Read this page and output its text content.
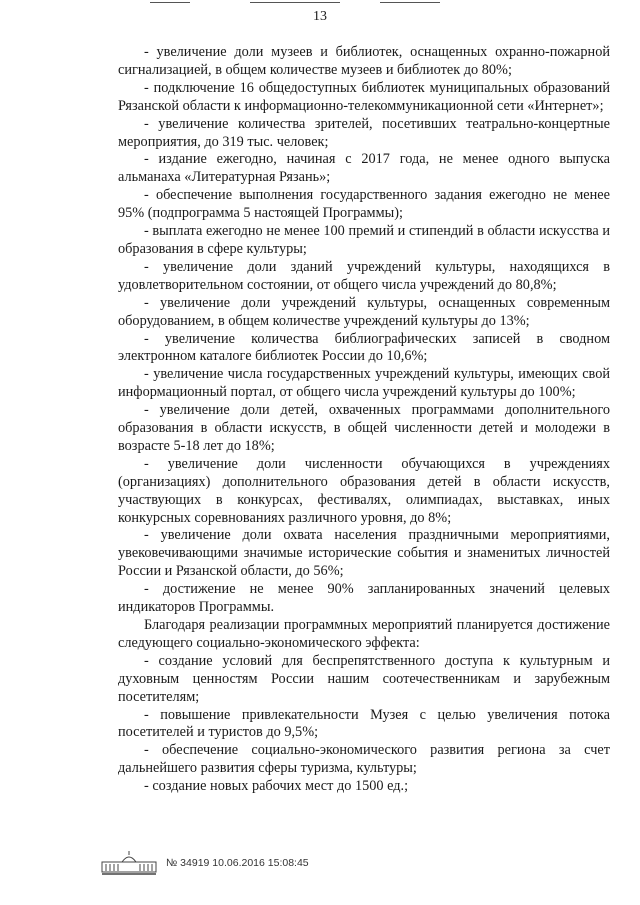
13

- увеличение доли музеев и библиотек, оснащенных охранно-пожарной сигнализацией, в общем количестве музеев и библиотек до 80%;

- подключение 16 общедоступных библиотек муниципальных образований Рязанской области к информационно-телекоммуникационной сети «Интернет»;

- увеличение количества зрителей, посетивших театрально-концертные мероприятия, до 319 тыс. человек;

- издание ежегодно, начиная с 2017 года, не менее одного выпуска альманаха «Литературная Рязань»;

- обеспечение выполнения государственного задания ежегодно не менее 95% (подпрограмма 5 настоящей Программы);

- выплата ежегодно не менее 100 премий и стипендий в области искусства и образования в сфере культуры;

- увеличение доли зданий учреждений культуры, находящихся в удовлетворительном состоянии, от общего числа учреждений до 80,8%;

- увеличение доли учреждений культуры, оснащенных современным оборудованием, в общем количестве учреждений культуры до 13%;

- увеличение количества библиографических записей в сводном электронном каталоге библиотек России до 10,6%;

- увеличение числа государственных учреждений культуры, имеющих свой информационный портал, от общего числа учреждений культуры до 100%;

- увеличение доли детей, охваченных программами дополнительного образования в области искусств, в общей численности детей и молодежи в возрасте 5-18 лет до 18%;

- увеличение доли численности обучающихся в учреждениях (организациях) дополнительного образования детей в области искусств, участвующих в конкурсах, фестивалях, олимпиадах, выставках, иных конкурсных соревнованиях различного уровня, до 8%;

- увеличение доли охвата населения праздничными мероприятиями, увековечивающими значимые исторические события и знаменитых личностей России и Рязанской области, до 56%;

- достижение не менее 90% запланированных значений целевых индикаторов Программы.

Благодаря реализации программных мероприятий планируется достижение следующего социально-экономического эффекта:

- создание условий для беспрепятственного доступа к культурным и духовным ценностям России нашим соотечественникам и зарубежным посетителям;

- повышение привлекательности Музея с целью увеличения потока посетителей и туристов до 9,5%;

- обеспечение социально-экономического развития региона за счет дальнейшего развития сферы туризма, культуры;

- создание новых рабочих мест до 1500 ед.;

№ 34919 10.06.2016 15:08:45
